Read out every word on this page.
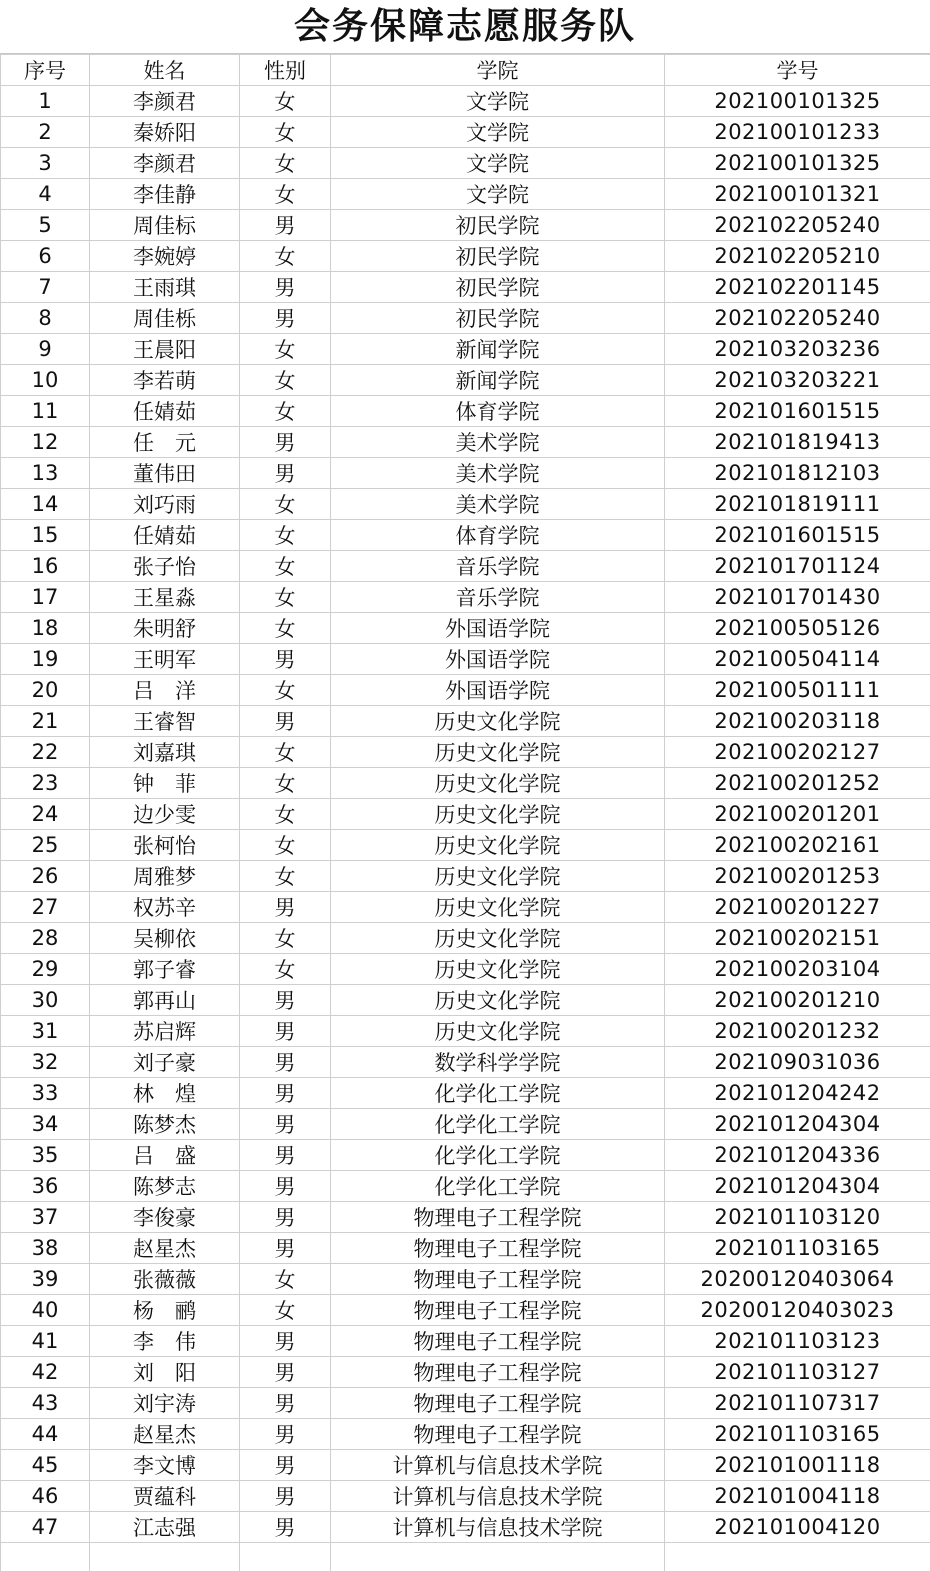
会务保障志愿服务队
序号	姓名	性别	学院	学号
1	李颜君	女	文学院	202100101325
2	秦娇阳	女	文学院	202100101233
3	李颜君	女	文学院	202100101325
4	李佳静	女	文学院	202100101321
5	周佳标	男	初民学院	202102205240
6	李婉婷	女	初民学院	202102205210
7	王雨琪	男	初民学院	202102201145
8	周佳栎	男	初民学院	202102205240
9	王晨阳	女	新闻学院	202103203236
10	李若萌	女	新闻学院	202103203221
11	任婧茹	女	体育学院	202101601515
12	任　元	男	美术学院	202101819413
13	董伟田	男	美术学院	202101812103
14	刘巧雨	女	美术学院	202101819111
15	任婧茹	女	体育学院	202101601515
16	张子怡	女	音乐学院	202101701124
17	王星淼	女	音乐学院	202101701430
18	朱明舒	女	外国语学院	202100505126
19	王明军	男	外国语学院	202100504114
20	吕　洋	女	外国语学院	202100501111
21	王睿智	男	历史文化学院	202100203118
22	刘嘉琪	女	历史文化学院	202100202127
23	钟　菲	女	历史文化学院	202100201252
24	边少雯	女	历史文化学院	202100201201
25	张柯怡	女	历史文化学院	202100202161
26	周雅梦	女	历史文化学院	202100201253
27	权苏辛	男	历史文化学院	202100201227
28	吴柳依	女	历史文化学院	202100202151
29	郭子睿	女	历史文化学院	202100203104
30	郭再山	男	历史文化学院	202100201210
31	苏启辉	男	历史文化学院	202100201232
32	刘子豪	男	数学科学学院	202109031036
33	林　煌	男	化学化工学院	202101204242
34	陈梦杰	男	化学化工学院	202101204304
35	吕　盛	男	化学化工学院	202101204336
36	陈梦志	男	化学化工学院	202101204304
37	李俊豪	男	物理电子工程学院	202101103120
38	赵星杰	男	物理电子工程学院	202101103165
39	张薇薇	女	物理电子工程学院	2020012040306‪4
40	杨　鹂	女	物理电子工程学院	20200120403023
41	李　伟	男	物理电子工程学院	202101103123
42	刘　阳	男	物理电子工程学院	202101103127
43	刘宇涛	男	物理电子工程学院	202101107317
44	赵星杰	男	物理电子工程学院	202101103165
45	李文博	男	计算机与信息技术学院	202101001118
46	贾蕴科	男	计算机与信息技术学院	202101004118
47	江志强	男	计算机与信息技术学院	202101004120
